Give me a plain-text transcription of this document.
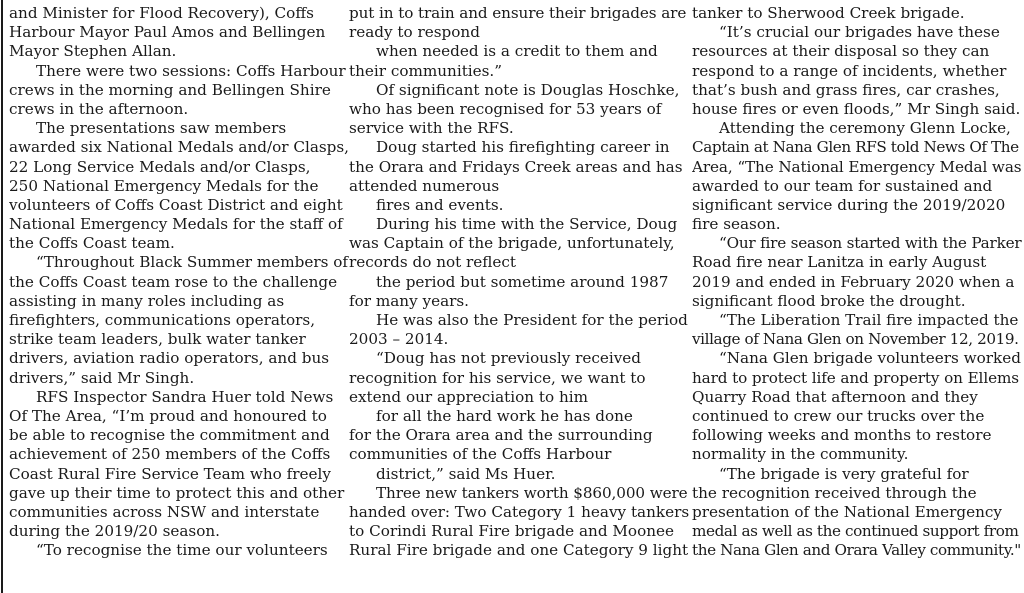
and Minister for Flood Recovery), Coffs
Harbour Mayor Paul Amos and Bellingen
Mayor Stephen Allan.
There were two sessions: Coffs Harbour
crews in the morning and Bellingen Shire
crews in the afternoon.
The presentations saw members
awarded six National Medals and/or Clasps,
22 Long Service Medals and/or Clasps,
250 National Emergency Medals for the
volunteers of Coffs Coast District and eight
National Emergency Medals for the staff of
the Coffs Coast team.
“Throughout Black Summer members of
the Coffs Coast team rose to the challenge
assisting in many roles including as
firefighters, communications operators,
strike team leaders, bulk water tanker
drivers, aviation radio operators, and bus
drivers,” said Mr Singh.
RFS Inspector Sandra Huer told News
Of The Area, “I’m proud and honoured to
be able to recognise the commitment and
achievement of 250 members of the Coffs
Coast Rural Fire Service Team who freely
gave up their time to protect this and other
communities across NSW and interstate
during the 2019/20 season.
“To recognise the time our volunteers
put in to train and ensure their brigades are
ready to respond
when needed is a credit to them and
their communities.”
Of significant note is Douglas Hoschke,
who has been recognised for 53 years of
service with the RFS.
Doug started his firefighting career in
the Orara and Fridays Creek areas and has
attended numerous
fires and events.
During his time with the Service, Doug
was Captain of the brigade, unfortunately,
records do not reflect
the period but sometime around 1987
for many years.
He was also the President for the period
2003 – 2014.
“Doug has not previously received
recognition for his service, we want to
extend our appreciation to him
for all the hard work he has done
for the Orara area and the surrounding
communities of the Coffs Harbour
district,” said Ms Huer.
Three new tankers worth $860,000 were
handed over: Two Category 1 heavy tankers
to Corindi Rural Fire brigade and Moonee
Rural Fire brigade and one Category 9 light
tanker to Sherwood Creek brigade.
“It’s crucial our brigades have these
resources at their disposal so they can
respond to a range of incidents, whether
that’s bush and grass fires, car crashes,
house fires or even floods,” Mr Singh said.
Attending the ceremony Glenn Locke,
Captain at Nana Glen RFS told News Of The
Area, “The National Emergency Medal was
awarded to our team for sustained and
significant service during the 2019/2020
fire season.
“Our fire season started with the Parker
Road fire near Lanitza in early August
2019 and ended in February 2020 when a
significant flood broke the drought.
“The Liberation Trail fire impacted the
village of Nana Glen on November 12, 2019.
“Nana Glen brigade volunteers worked
hard to protect life and property on Ellems
Quarry Road that afternoon and they
continued to crew our trucks over the
following weeks and months to restore
normality in the community.
“The brigade is very grateful for
the recognition received through the
presentation of the National Emergency
medal as well as the continued support from
the Nana Glen and Orara Valley community."
